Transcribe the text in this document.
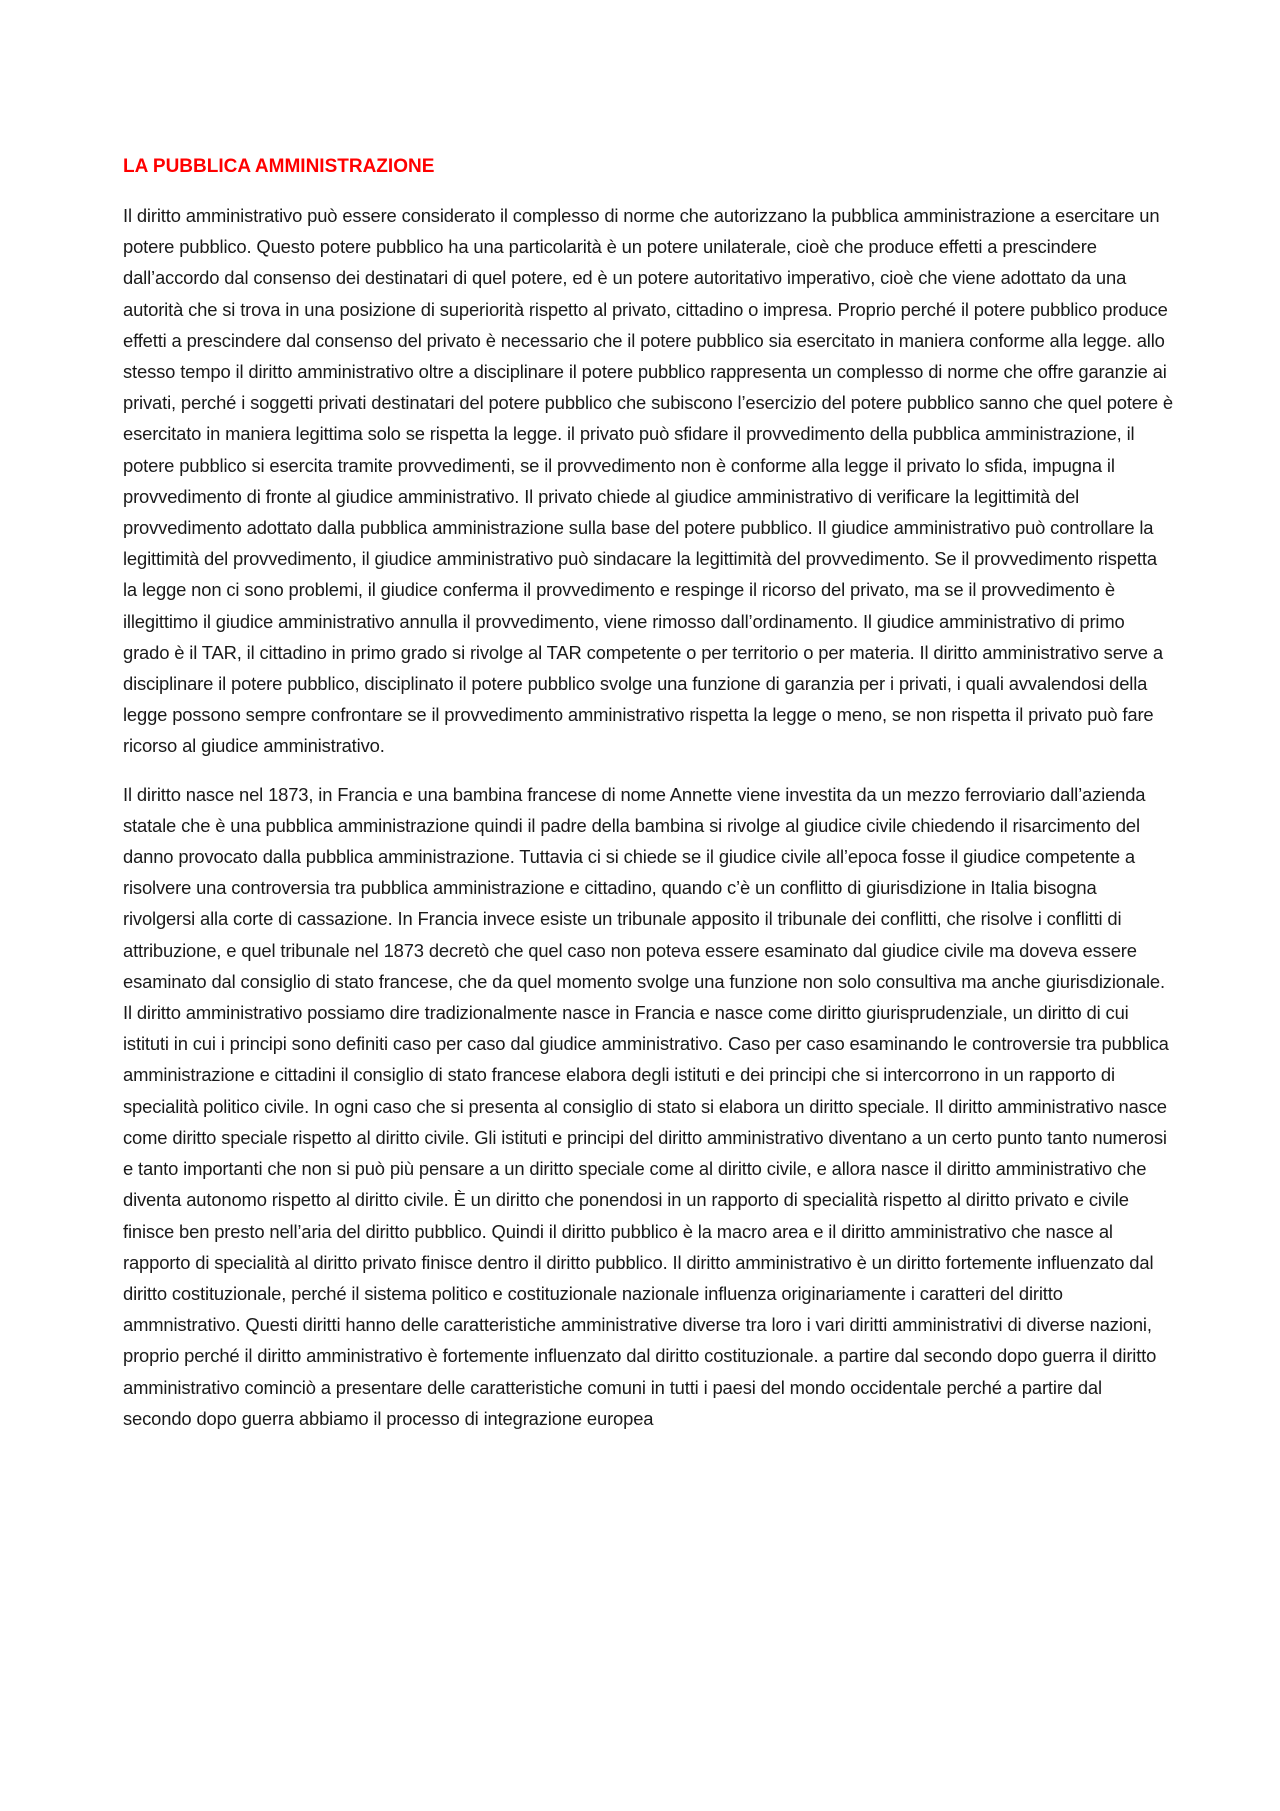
LA PUBBLICA AMMINISTRAZIONE

Il diritto amministrativo può essere considerato il complesso di norme che autorizzano la pubblica amministrazione a esercitare un potere pubblico. Questo potere pubblico ha una particolarità è un potere unilaterale, cioè che produce effetti a prescindere dall’accordo dal consenso dei destinatari di quel potere, ed è un potere autoritativo imperativo, cioè che viene adottato da una autorità che si trova in una posizione di superiorità rispetto al privato, cittadino o impresa. Proprio perché il potere pubblico produce effetti a prescindere dal consenso del privato è necessario che il potere pubblico sia esercitato in maniera conforme alla legge. allo stesso tempo il diritto amministrativo oltre a disciplinare il potere pubblico rappresenta un complesso di norme che offre garanzie ai privati, perché i soggetti privati destinatari del potere pubblico che subiscono l’esercizio del potere pubblico sanno che quel potere è esercitato in maniera legittima solo se rispetta la legge. il privato può sfidare il provvedimento della pubblica amministrazione, il potere pubblico si esercita tramite provvedimenti, se il provvedimento non è conforme alla legge il privato lo sfida, impugna il provvedimento di fronte al giudice amministrativo. Il privato chiede al giudice amministrativo di verificare la legittimità del provvedimento adottato dalla pubblica amministrazione sulla base del potere pubblico. Il giudice amministrativo può controllare la legittimità del provvedimento, il giudice amministrativo può sindacare la legittimità del provvedimento. Se il provvedimento rispetta la legge non ci sono problemi, il giudice conferma il provvedimento e respinge il ricorso del privato, ma se il provvedimento è illegittimo il giudice amministrativo annulla il provvedimento, viene rimosso dall’ordinamento. Il giudice amministrativo di primo grado è il TAR, il cittadino in primo grado si rivolge al TAR competente o per territorio o per materia. Il diritto amministrativo serve a disciplinare il potere pubblico, disciplinato il potere pubblico svolge una funzione di garanzia per i privati, i quali avvalendosi della legge possono sempre confrontare se il provvedimento amministrativo rispetta la legge o meno, se non rispetta il privato può fare ricorso al giudice amministrativo.

Il diritto nasce nel 1873, in Francia e una bambina francese di nome Annette viene investita da un mezzo ferroviario dall’azienda statale che è una pubblica amministrazione quindi il padre della bambina si rivolge al giudice civile chiedendo il risarcimento del danno provocato dalla pubblica amministrazione. Tuttavia ci si chiede se il giudice civile all’epoca fosse il giudice competente a risolvere una controversia tra pubblica amministrazione e cittadino, quando c’è un conflitto di giurisdizione in Italia bisogna rivolgersi alla corte di cassazione. In Francia invece esiste un tribunale apposito il tribunale dei conflitti, che risolve i conflitti di attribuzione, e quel tribunale nel 1873 decretò che quel caso non poteva essere esaminato dal giudice civile ma doveva essere esaminato dal consiglio di stato francese, che da quel momento svolge una funzione non solo consultiva ma anche giurisdizionale. Il diritto amministrativo possiamo dire tradizionalmente nasce in Francia e nasce come diritto giurisprudenziale, un diritto di cui istituti in cui i principi sono definiti caso per caso dal giudice amministrativo. Caso per caso esaminando le controversie tra pubblica amministrazione e cittadini il consiglio di stato francese elabora degli istituti e dei principi che si intercorrono in un rapporto di specialità politico civile. In ogni caso che si presenta al consiglio di stato si elabora un diritto speciale. Il diritto amministrativo nasce come diritto speciale rispetto al diritto civile. Gli istituti e principi del diritto amministrativo diventano a un certo punto tanto numerosi e tanto importanti che non si può più pensare a un diritto speciale come al diritto civile, e allora nasce il diritto amministrativo che diventa autonomo rispetto al diritto civile. È un diritto che ponendosi in un rapporto di specialità rispetto al diritto privato e civile finisce ben presto nell’aria del diritto pubblico. Quindi il diritto pubblico è la macro area e il diritto amministrativo che nasce al rapporto di specialità al diritto privato finisce dentro il diritto pubblico. Il diritto amministrativo è un diritto fortemente influenzato dal diritto costituzionale, perché il sistema politico e costituzionale nazionale influenza originariamente i caratteri del diritto ammnistrativo. Questi diritti hanno delle caratteristiche amministrative diverse tra loro i vari diritti amministrativi di diverse nazioni, proprio perché il diritto amministrativo è fortemente influenzato dal diritto costituzionale. a partire dal secondo dopo guerra il diritto amministrativo cominciò a presentare delle caratteristiche comuni in tutti i paesi del mondo occidentale perché a partire dal secondo dopo guerra abbiamo il processo di integrazione europea
